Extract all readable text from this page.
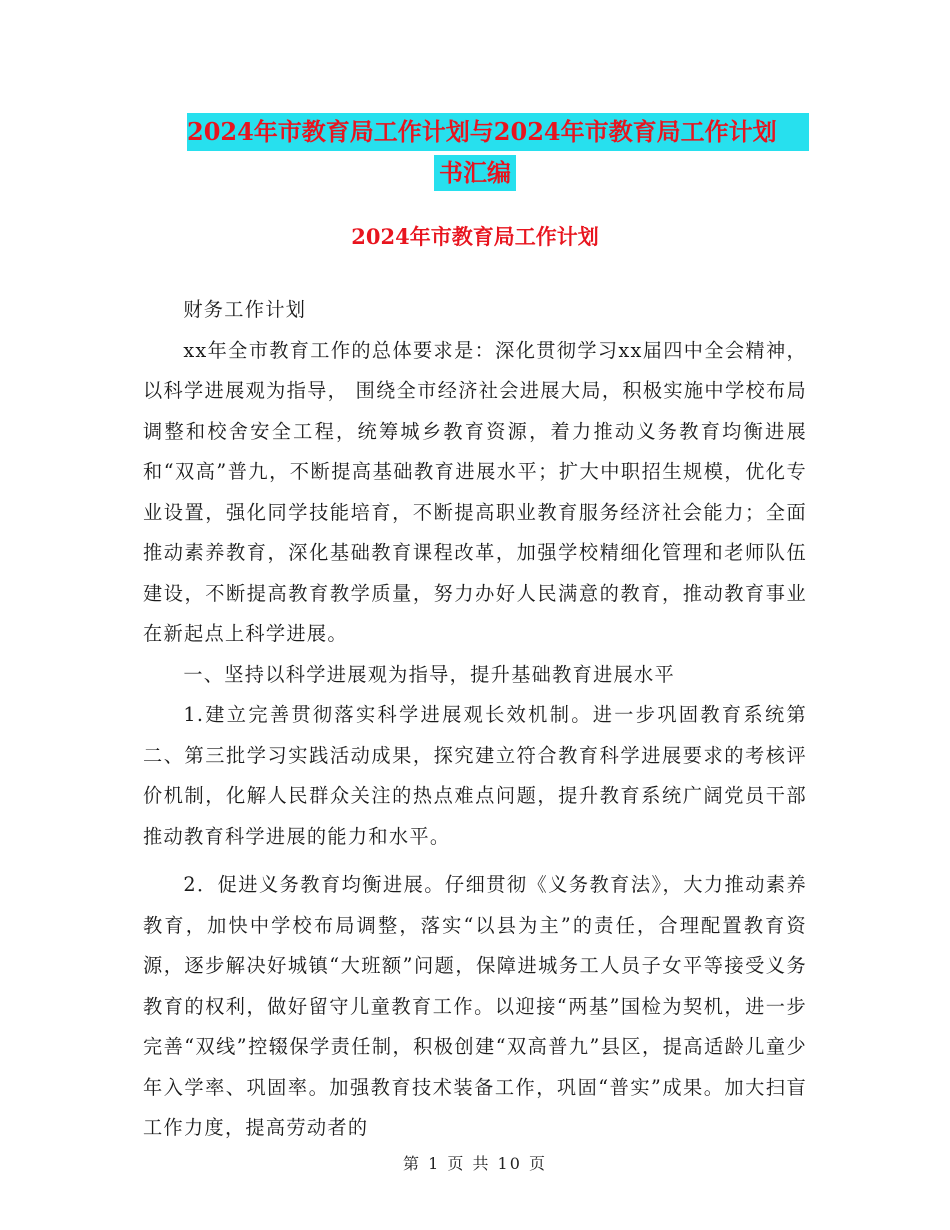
2024年市教育局工作计划与2024年市教育局工作计划
书汇编
2024年市教育局工作计划

财务工作计划

xx年全市教育工作的总体要求是：深化贯彻学习xx届四中全会精神，以科学进展观为指导， 围绕全市经济社会进展大局，积极实施中学校布局调整和校舍安全工程，统筹城乡教育资源，着力推动义务教育均衡进展和“双高”普九，不断提高基础教育进展水平；扩大中职招生规模，优化专业设置，强化同学技能培育，不断提高职业教育服务经济社会能力；全面推动素养教育，深化基础教育课程改革，加强学校精细化管理和老师队伍建设，不断提高教育教学质量，努力办好人民满意的教育，推动教育事业在新起点上科学进展。

一、坚持以科学进展观为指导，提升基础教育进展水平

1.建立完善贯彻落实科学进展观长效机制。进一步巩固教育系统第二、第三批学习实践活动成果，探究建立符合教育科学进展要求的考核评价机制，化解人民群众关注的热点难点问题，提升教育系统广阔党员干部推动教育科学进展的能力和水平。

2．促进义务教育均衡进展。仔细贯彻《义务教育法》，大力推动素养教育，加快中学校布局调整，落实“以县为主”的责任，合理配置教育资源，逐步解决好城镇“大班额”问题，保障进城务工人员子女平等接受义务教育的权利，做好留守儿童教育工作。以迎接“两基”国检为契机，进一步完善“双线”控辍保学责任制，积极创建“双高普九”县区，提高适龄儿童少年入学率、巩固率。加强教育技术装备工作，巩固“普实”成果。加大扫盲工作力度，提高劳动者的

第 1 页 共 10 页
